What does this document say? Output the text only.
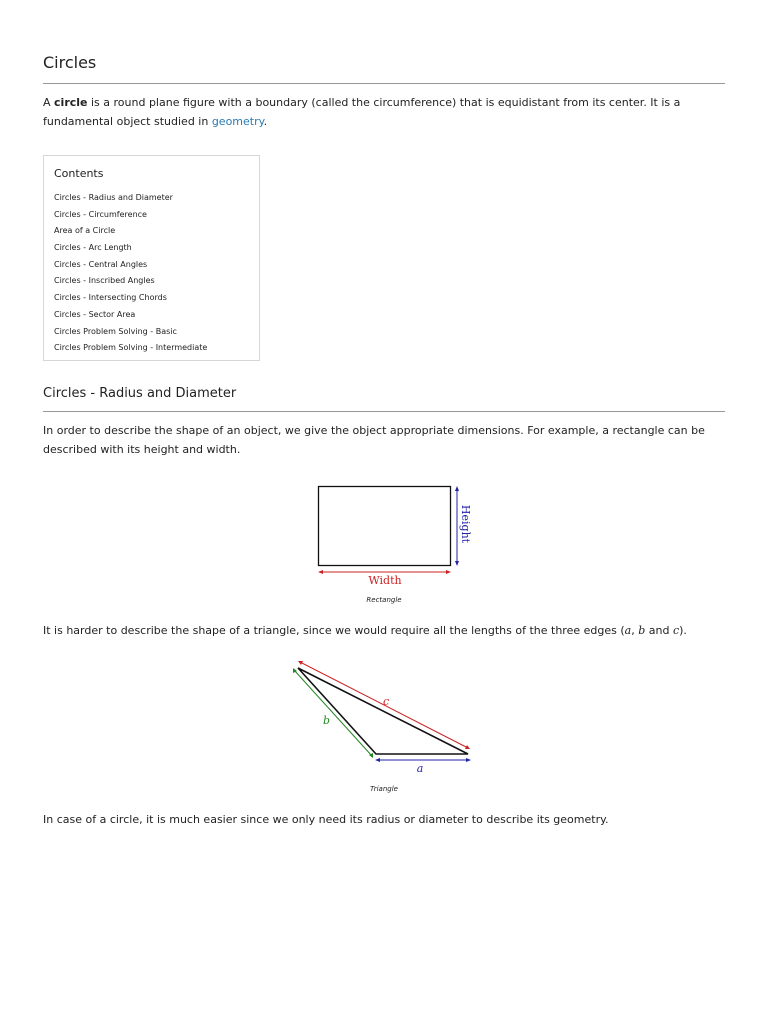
Circles

A circle is a round plane figure with a boundary (called the circumference) that is equidistant from its center. It is a fundamental object studied in geometry.

Contents
Circles - Radius and Diameter
Circles - Circumference
Area of a Circle
Circles - Arc Length
Circles - Central Angles
Circles - Inscribed Angles
Circles - Intersecting Chords
Circles - Sector Area
Circles Problem Solving - Basic
Circles Problem Solving - Intermediate
Circles - Radius and Diameter

In order to describe the shape of an object, we give the object appropriate dimensions. For example, a rectangle can be described with its height and width.

Width
Height
Rectangle

It is harder to describe the shape of a triangle, since we would require all the lengths of the three edges (a, b and c).

c
b
a
Triangle

In case of a circle, it is much easier since we only need its radius or diameter to describe its geometry.
